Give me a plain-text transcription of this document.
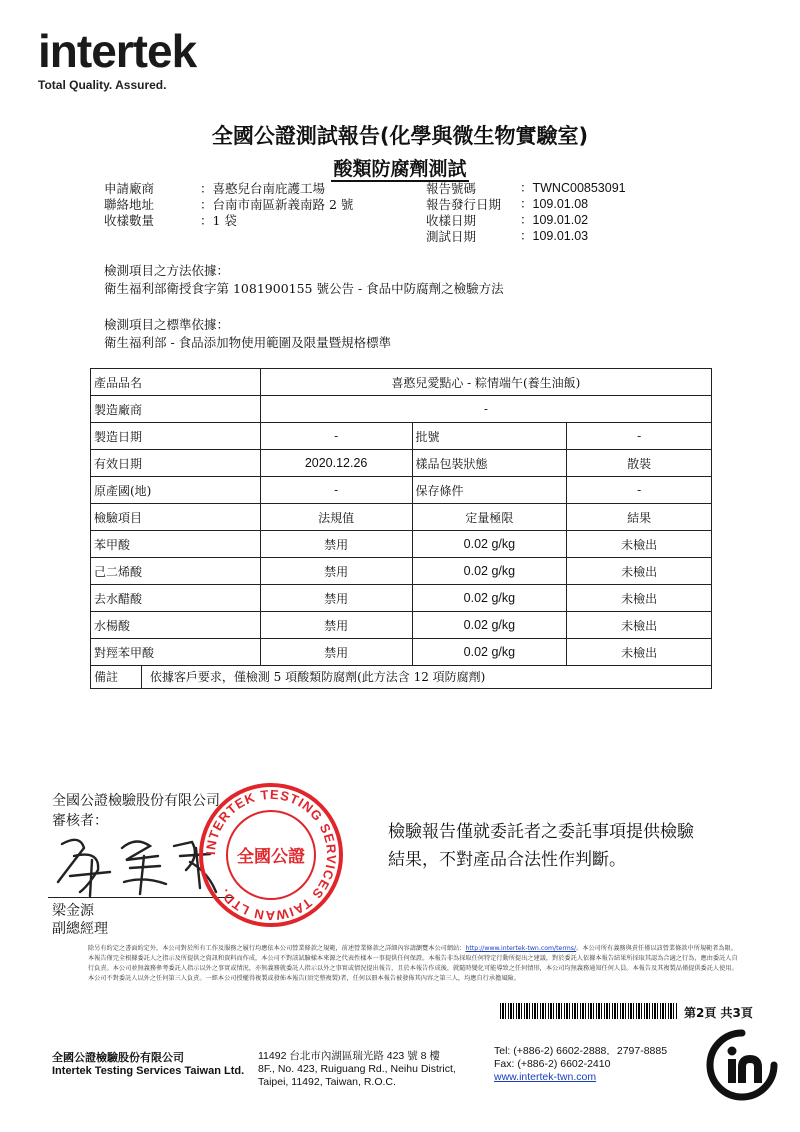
intertek
Total Quality. Assured.
全國公證測試報告(化學與微生物實驗室)
酸類防腐劑測試
申請廠商	：喜憨兒台南庇護工場
聯絡地址	：台南市南區新義南路 2 號
收樣數量	：1 袋
報告號碼	：TWNC00853091
報告發行日期 ：109.01.08
收樣日期	：109.01.02
測試日期	：109.01.03
檢測項目之方法依據：
衛生福利部衛授食字第 1081900155 號公告 - 食品中防腐劑之檢驗方法
檢測項目之標準依據：
衛生福利部 - 食品添加物使用範圍及限量暨規格標準
產品品名	喜憨兒愛點心 - 粽情端午(養生油飯)		
製造廠商	-		
製造日期	-	批號	-
有效日期	2020.12.26	樣品包裝狀態	散裝
原產國(地)	-	保存條件	-
檢驗項目	法規值	定量極限	結果
苯甲酸	禁用	0.02 g/kg	未檢出
己二烯酸	禁用	0.02 g/kg	未檢出
去水醋酸	禁用	0.02 g/kg	未檢出
水楊酸	禁用	0.02 g/kg	未檢出
對羥苯甲酸	禁用	0.02 g/kg	未檢出
備註 依據客戶要求，僅檢測 5 項酸類防腐劑(此方法含 12 項防腐劑)			
全國公證檢驗股份有限公司
審核者：
梁金源
副總經理
INTERTEK TESTING SERVICES TAIWAN LTD.
全國公證
檢驗報告僅就委託者之委託事項提供檢驗
結果，不對產品合法性作判斷。
除另有約定之書面約定外，本公司對於所有工作及服務之履行均應依本公司營業條款之規範，前述營業條款之詳細內容請瀏覽本公司網站：http://www.intertek-twn.com/terms/。本公司所有義務與責任僅以該營業條款中所規範者為限。本報告僅完全根據委託人之指示及所提供之資訊和資料而作成，本公司不對該試驗樣本來源之代表性樣本一事提供任何保證。本報告非為採取任何特定行動所提出之建議，對於委託人依據本報告結果所採取其認為合適之行為，應由委託人自行負責。本公司並無義務參考委託人指示以外之事實或情況，亦無義務就委託人指示以外之事實或情況提出報告，且於本報告作成後，就隨時變化可能導致之任何情形，本公司均無義務通知任何人員。本報告及其複製品僅提供委託人使用。本公司不對委託人以外之任何第三人負責。一經本公司授權得複製或發佈本報告(須完整複製)者，任何以冊本報告被發佈其內容之第三人，均應自行承擔風險。
第2頁 共3頁
全國公證檢驗股份有限公司
Intertek Testing Services Taiwan Ltd.
11492 台北市內湖區瑞光路 423 號 8 樓
8F., No. 423, Ruiguang Rd., Neihu District,
Taipei, 11492, Taiwan, R.O.C.
Tel: (+886-2) 6602-2888．2797-8885
Fax: (+886-2) 6602-2410
www.intertek-twn.com
